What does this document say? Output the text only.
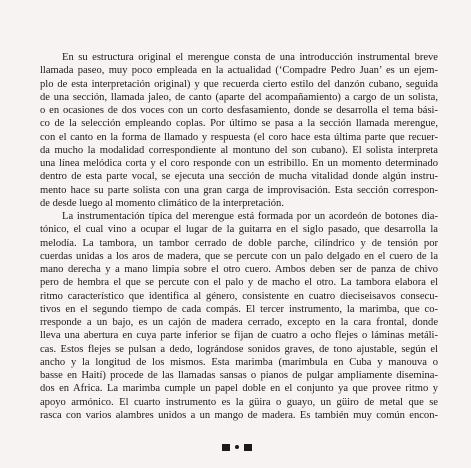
En su estructura original el merengue consta de una introducción instrumental breve
llamada paseo, muy poco empleada en la actualidad (‘Compadre Pedro Juan’ es un ejem-
plo de esta interpretación original) y que recuerda cierto estilo del danzón cubano, seguida
de una sección, llamada jaleo, de canto (aparte del acompañamiento) a cargo de un solista,
o en ocasiones de dos voces con un corto desfasamiento, donde se desarrolla el tema bási-
co de la selección empleando coplas. Por último se pasa a la sección llamada merengue,
con el canto en la forma de llamado y respuesta (el coro hace esta última parte que recuer-
da mucho la modalidad correspondiente al montuno del son cubano). El solista interpreta
una línea melódica corta y el coro responde con un estribillo. En un momento determinado
dentro de esta parte vocal, se ejecuta una sección de mucha vitalidad donde algún instru-
mento hace su parte solista con una gran carga de improvisación. Esta sección correspon-
de desde luego al momento climático de la interpretación.

La instrumentación típica del merengue está formada por un acordeón de botones dia-
tónico, el cual vino a ocupar el lugar de la guitarra en el siglo pasado, que desarrolla la
melodía. La tambora, un tambor cerrado de doble parche, cilíndrico y de tensión por
cuerdas unidas a los aros de madera, que se percute con un palo delgado en el cuero de la
mano derecha y a mano limpia sobre el otro cuero. Ambos deben ser de panza de chivo
pero de hembra el que se percute con el palo y de macho el otro. La tambora elabora el
ritmo característico que identifica al género, consistente en cuatro dieciseisavos consecu-
tivos en el segundo tiempo de cada compás. El tercer instrumento, la marimba, que co-
rresponde a un bajo, es un cajón de madera cerrado, excepto en la cara frontal, donde
lleva una abertura en cuya parte inferior se fijan de cuatro a ocho flejes o láminas metáli-
cas. Estos flejes se pulsan a dedo, lográndose sonidos graves, de tono ajustable, según el
ancho y la longitud de los mismos. Esta marimba (marímbula en Cuba y manouva o
basse en Haití) procede de las llamadas sansas o pianos de pulgar ampliamente disemina-
dos en Africa. La marimba cumple un papel doble en el conjunto ya que provee ritmo y
apoyo armónico. El cuarto instrumento es la güira o guayo, un güiro de metal que se
rasca con varios alambres unidos a un mango de madera. Es también muy común encon-
